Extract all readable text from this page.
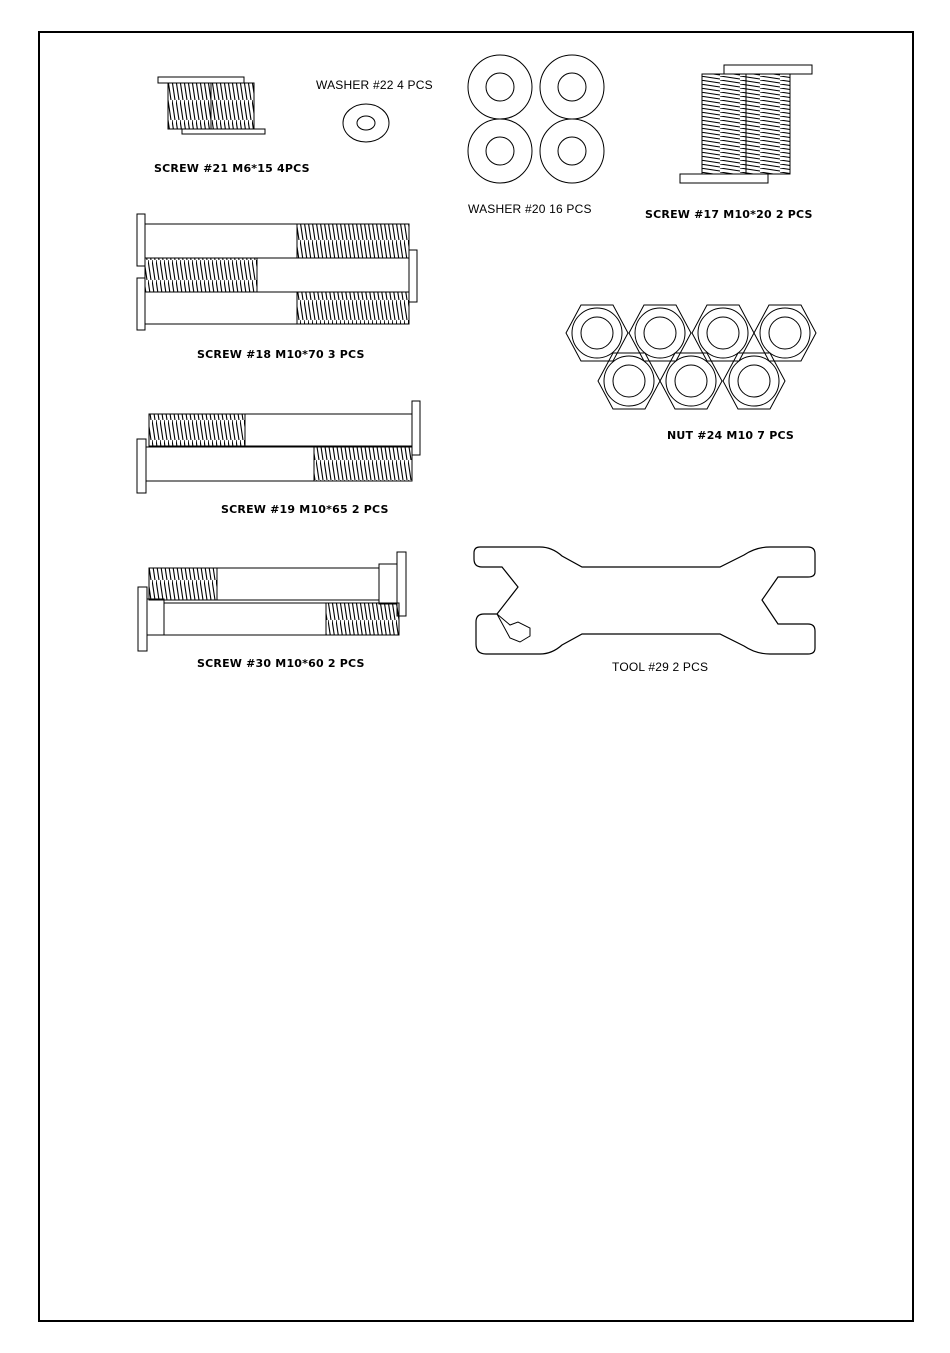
SCREW #21 M6*15 4PCS
WASHER #22 4 PCS
WASHER #20 16 PCS	SCREW #17 M10*20 2 PCS
SCREW #18 M10*70 3 PCS
NUT #24 M10 7 PCS
SCREW #19 M10*65 2 PCS
SCREW #30 M10*60 2 PCS	TOOL #29 2 PCS
